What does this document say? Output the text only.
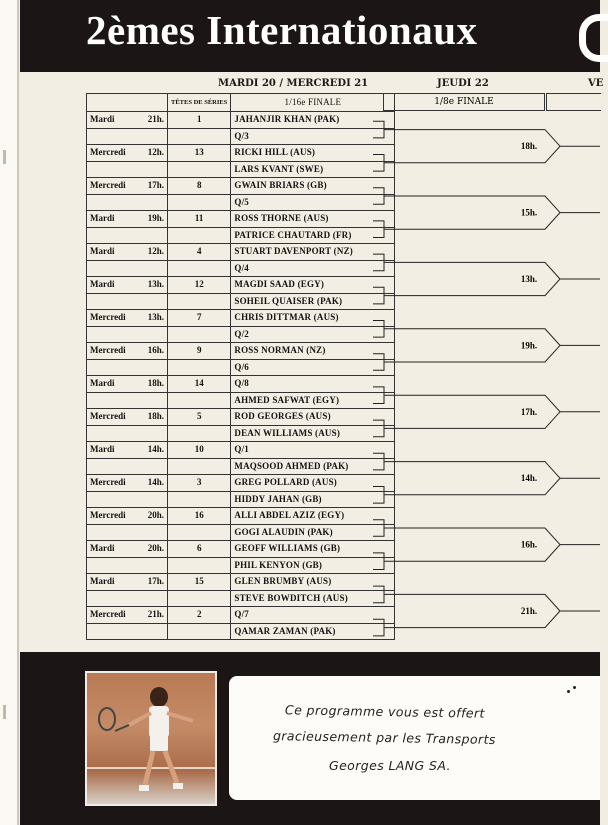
2èmes Internationaux
MARDI 20 / MERCREDI 21	JEUDI 22	VE
		TÊTES DE SÉRIES	1/16e FINALE
Mardi	21h.	1	JAHANJIR KHAN (PAK)
			Q/3
Mercredi	12h.	13	RICKI HILL (AUS)
			LARS KVANT (SWE)
Mercredi	17h.	8	GWAIN BRIARS (GB)
			Q/5
Mardi	19h.	11	ROSS THORNE (AUS)
			PATRICE CHAUTARD (FR)
Mardi	12h.	4	STUART DAVENPORT (NZ)
			Q/4
Mardi	13h.	12	MAGDI SAAD (EGY)
			SOHEIL QUAISER (PAK)
Mercredi	13h.	7	CHRIS DITTMAR (AUS)
			Q/2
Mercredi	16h.	9	ROSS NORMAN (NZ)
			Q/6
Mardi	18h.	14	Q/8
			AHMED SAFWAT (EGY)
Mercredi	18h.	5	ROD GEORGES (AUS)
			DEAN WILLIAMS (AUS)
Mardi	14h.	10	Q/1
			MAQSOOD AHMED (PAK)
Mercredi	14h.	3	GREG POLLARD (AUS)
			HIDDY JAHAN (GB)
Mercredi	20h.	16	ALLI ABDEL AZIZ (EGY)
			GOGI ALAUDIN (PAK)
Mardi	20h.	6	GEOFF WILLIAMS (GB)
			PHIL KENYON (GB)
Mardi	17h.	15	GLEN BRUMBY (AUS)
			STEVE BOWDITCH (AUS)
Mercredi	21h.	2	Q/7
			QAMAR ZAMAN (PAK)
1/8e FINALE
18h.
15h.
13h.
19h.
17h.
14h.
16h.
21h.
Ce programme vous est offert
gracieusement par les Transports
Georges LANG SA.
